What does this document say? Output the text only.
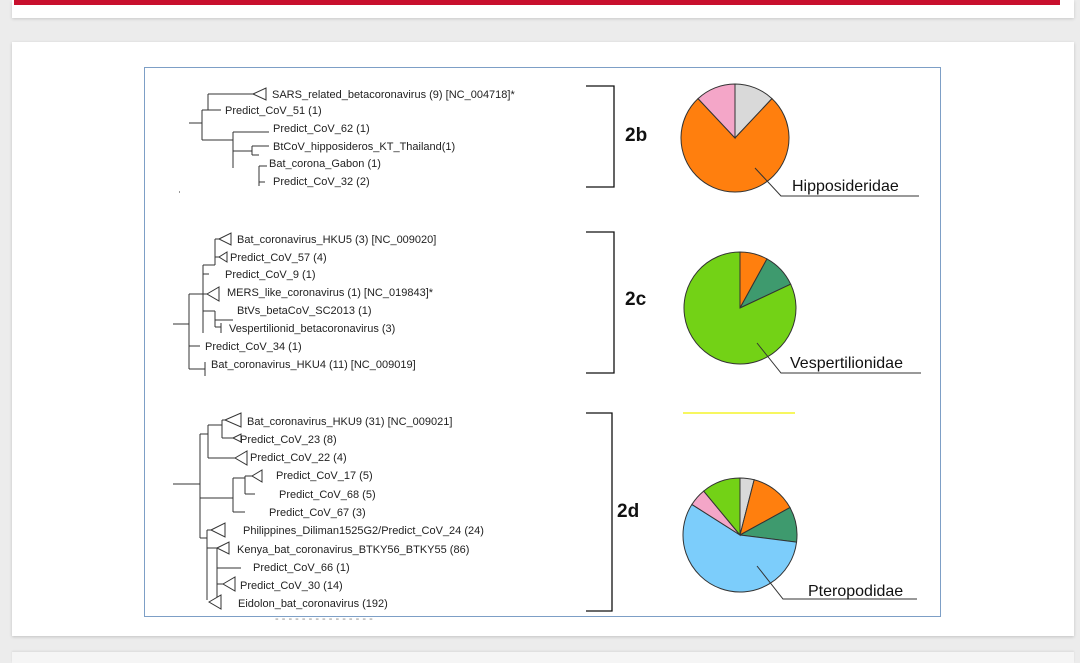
SARS_related_betacoronavirus (9) [NC_004718]*
Predict_CoV_51 (1)
Predict_CoV_62 (1)
BtCoV_hipposideros_KT_Thailand(1)
Bat_corona_Gabon (1)
Predict_CoV_32 (2)
2b
Hipposideridae
Bat_coronavirus_HKU5 (3) [NC_009020]
Predict_CoV_57 (4)
Predict_CoV_9 (1)
MERS_like_coronavirus (1) [NC_019843]*
BtVs_betaCoV_SC2013 (1)
Vespertilionid_betacoronavirus (3)
Predict_CoV_34 (1)
Bat_coronavirus_HKU4 (11) [NC_009019]
2c
Vespertilionidae
Bat_coronavirus_HKU9 (31) [NC_009021]
Predict_CoV_23 (8)
Predict_CoV_22 (4)
Predict_CoV_17 (5)
Predict_CoV_68 (5)
Predict_CoV_67 (3)
Philippines_Diliman1525G2/Predict_CoV_24 (24)
Kenya_bat_coronavirus_BTKY56_BTKY55 (86)
Predict_CoV_66 (1)
Predict_CoV_30 (14)
Eidolon_bat_coronavirus (192)
- - - - - - - - - - - - - - -
2d
Pteropodidae
